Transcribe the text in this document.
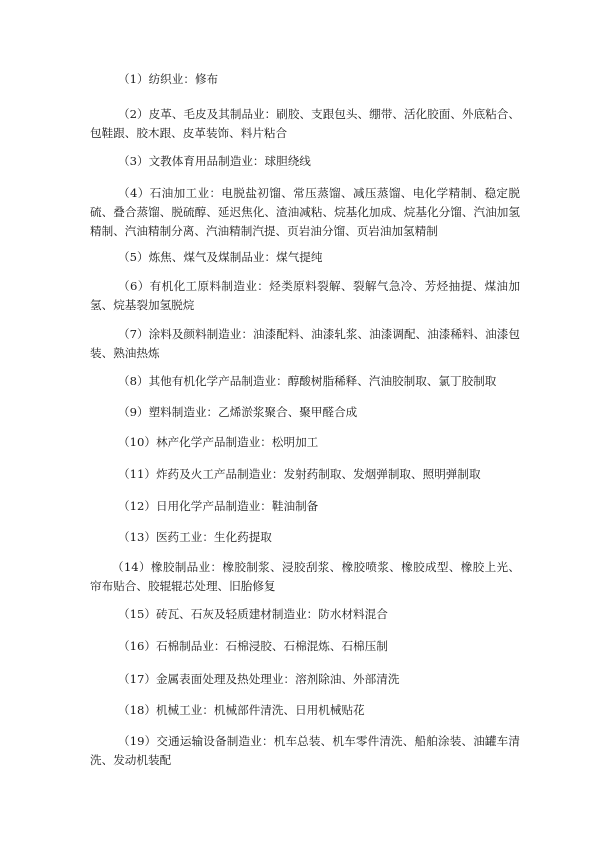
（1）纺织业：修布

（2）皮革、毛皮及其制品业：刷胶、支跟包头、绷带、活化胶面、外底粘合、包鞋跟、胶木跟、皮革装饰、料片粘合

（3）文教体育用品制造业：球胆绕线

（4）石油加工业：电脱盐初馏、常压蒸馏、减压蒸馏、电化学精制、稳定脱硫、叠合蒸馏、脱硫醇、延迟焦化、渣油减粘、烷基化加成、烷基化分馏、汽油加氢精制、汽油精制分离、汽油精制汽提、页岩油分馏、页岩油加氢精制

（5）炼焦、煤气及煤制品业：煤气提纯

（6）有机化工原料制造业：烃类原料裂解、裂解气急冷、芳烃抽提、煤油加氢、烷基裂加氢脱烷

（7）涂料及颜料制造业：油漆配料、油漆轧浆、油漆调配、油漆稀料、油漆包装、熟油热炼

（8）其他有机化学产品制造业：醇酸树脂稀释、汽油胶制取、氯丁胶制取

（9）塑料制造业：乙烯淤浆聚合、聚甲醛合成

（10）林产化学产品制造业：松明加工

（11）炸药及火工产品制造业：发射药制取、发烟弹制取、照明弹制取

（12）日用化学产品制造业：鞋油制备

（13）医药工业：生化药提取

（14）橡胶制品业：橡胶制浆、浸胶刮浆、橡胶喷浆、橡胶成型、橡胶上光、帘布贴合、胶辊辊芯处理、旧胎修复

（15）砖瓦、石灰及轻质建材制造业：防水材料混合

（16）石棉制品业：石棉浸胶、石棉混炼、石棉压制

（17）金属表面处理及热处理业：溶剂除油、外部清洗

（18）机械工业：机械部件清洗、日用机械贴花

（19）交通运输设备制造业：机车总装、机车零件清洗、船舶涂装、油罐车清洗、发动机装配
